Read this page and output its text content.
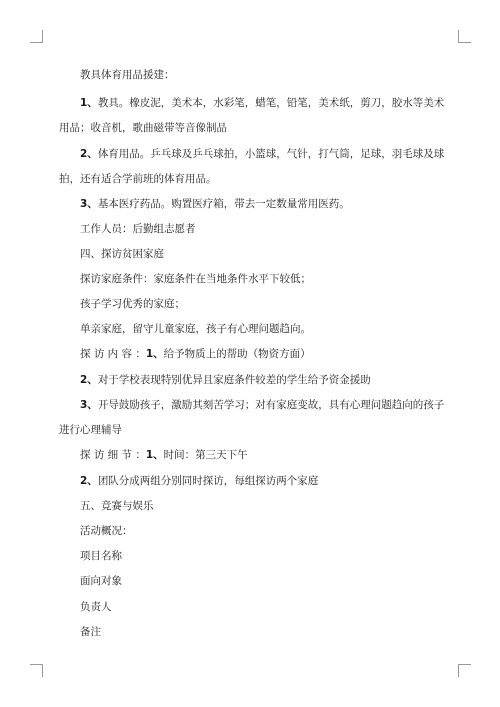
教具体育用品援建：
1、教具。橡皮泥，美术本，水彩笔，蜡笔，铅笔，美术纸，剪刀，胶水等美术
用品；收音机，歌曲磁带等音像制品
2、体育用品。乒乓球及乒乓球拍，小篮球，气针，打气筒，足球，羽毛球及球
拍，还有适合学前班的体育用品。
3、基本医疗药品。购置医疗箱，带去一定数量常用医药。
工作人员：后勤组志愿者
四、探访贫困家庭
探访家庭条件：家庭条件在当地条件水平下较低；
孩子学习优秀的家庭；
单亲家庭，留守儿童家庭，孩子有心理问题趋向。
探 访 内 容 ：1、给予物质上的帮助（物资方面）
2、对于学校表现特别优异且家庭条件较差的学生给予资金援助
3、开导鼓励孩子，激励其刻苦学习；对有家庭变故，具有心理问题趋向的孩子
进行心理辅导
探 访 细 节 ：1、时间：第三天下午
2、团队分成两组分别同时探访，每组探访两个家庭
五、竞赛与娱乐
活动概况：
项目名称
面向对象
负责人
备注
